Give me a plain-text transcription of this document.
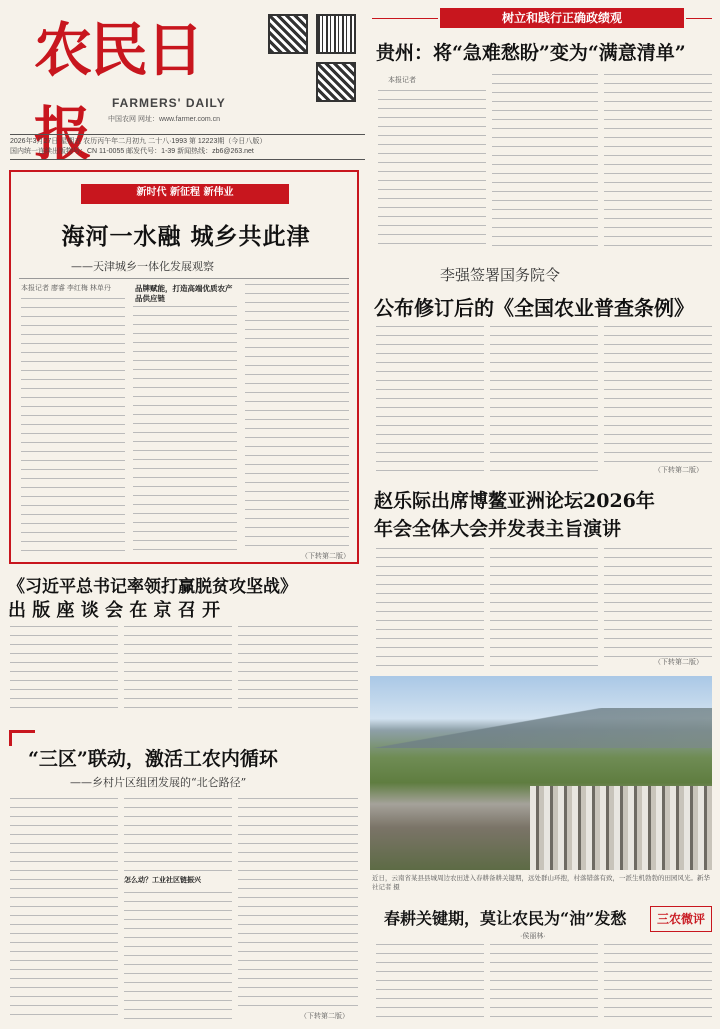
农民日报	FARMERS' DAILY
中国农网 网址：www.farmer.com.cn
2026年3月27日 星期五 农历丙午年二月初九 二十八·1993 第 12223期（今日八版）
国内统一连续出版物号：CN 11-0055 邮发代号：1-39 新闻热线：zb6@263.net
树立和践行正确政绩观
贵州：将“急难愁盼”变为“满意清单”
本报记者
新时代 新征程 新伟业
海河一水融 城乡共此津
——天津城乡一体化发展观察
本报记者 廖睿 李红梅 林单丹	品牌赋能，打造高端优质农产品供应链
（下转第二版）
李强签署国务院令
公布修订后的《全国农业普查条例》
（下转第二版）
赵乐际出席博鳌亚洲论坛2026年
年会全体大会并发表主旨演讲
（下转第二版）
《习近平总书记率领打赢脱贫攻坚战》
出 版 座 谈 会 在 京 召 开
“三区”联动，激活工农内循环
——乡村片区组团发展的“北仑路径”
怎么动？工业社区链振兴
（下转第二版）
近日，云南省某县县城周边农田进入春耕备耕关键期，远处群山环抱，村落错落有致，一派生机勃勃的田园风光。新华社记者 摄
春耕关键期，莫让农民为“油”发愁	三农微评
·侯丽林·
